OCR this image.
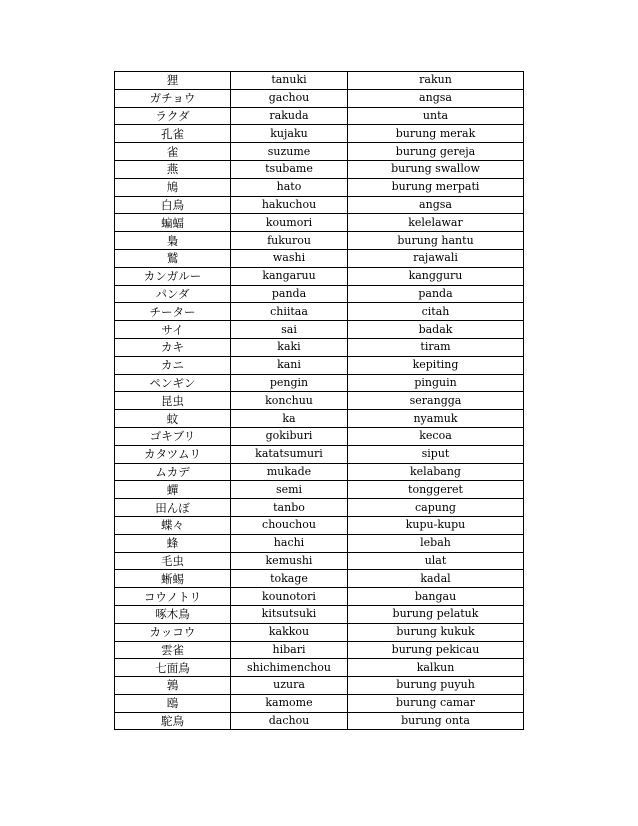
狸	tanuki	rakun
ガチョウ	gachou	angsa
ラクダ	rakuda	unta
孔雀	kujaku	burung merak
雀	suzume	burung gereja
燕	tsubame	burung swallow
鳩	hato	burung merpati
白鳥	hakuchou	angsa
蝙蝠	koumori	kelelawar
梟	fukurou	burung hantu
鷲	washi	rajawali
カンガルー	kangaruu	kangguru
パンダ	panda	panda
チーター	chiitaa	citah
サイ	sai	badak
カキ	kaki	tiram
カニ	kani	kepiting
ペンギン	pengin	pinguin
昆虫	konchuu	serangga
蚊	ka	nyamuk
ゴキブリ	gokiburi	kecoa
カタツムリ	katatsumuri	siput
ムカデ	mukade	kelabang
蟬	semi	tonggeret
田んぼ	tanbo	capung
蝶々	chouchou	kupu-kupu
蜂	hachi	lebah
毛虫	kemushi	ulat
蜥蜴	tokage	kadal
コウノトリ	kounotori	bangau
啄木鳥	kitsutsuki	burung pelatuk
カッコウ	kakkou	burung kukuk
雲雀	hibari	burung pekicau
七面鳥	shichimenchou	kalkun
鶉	uzura	burung puyuh
鴎	kamome	burung camar
駝鳥	dachou	burung onta
